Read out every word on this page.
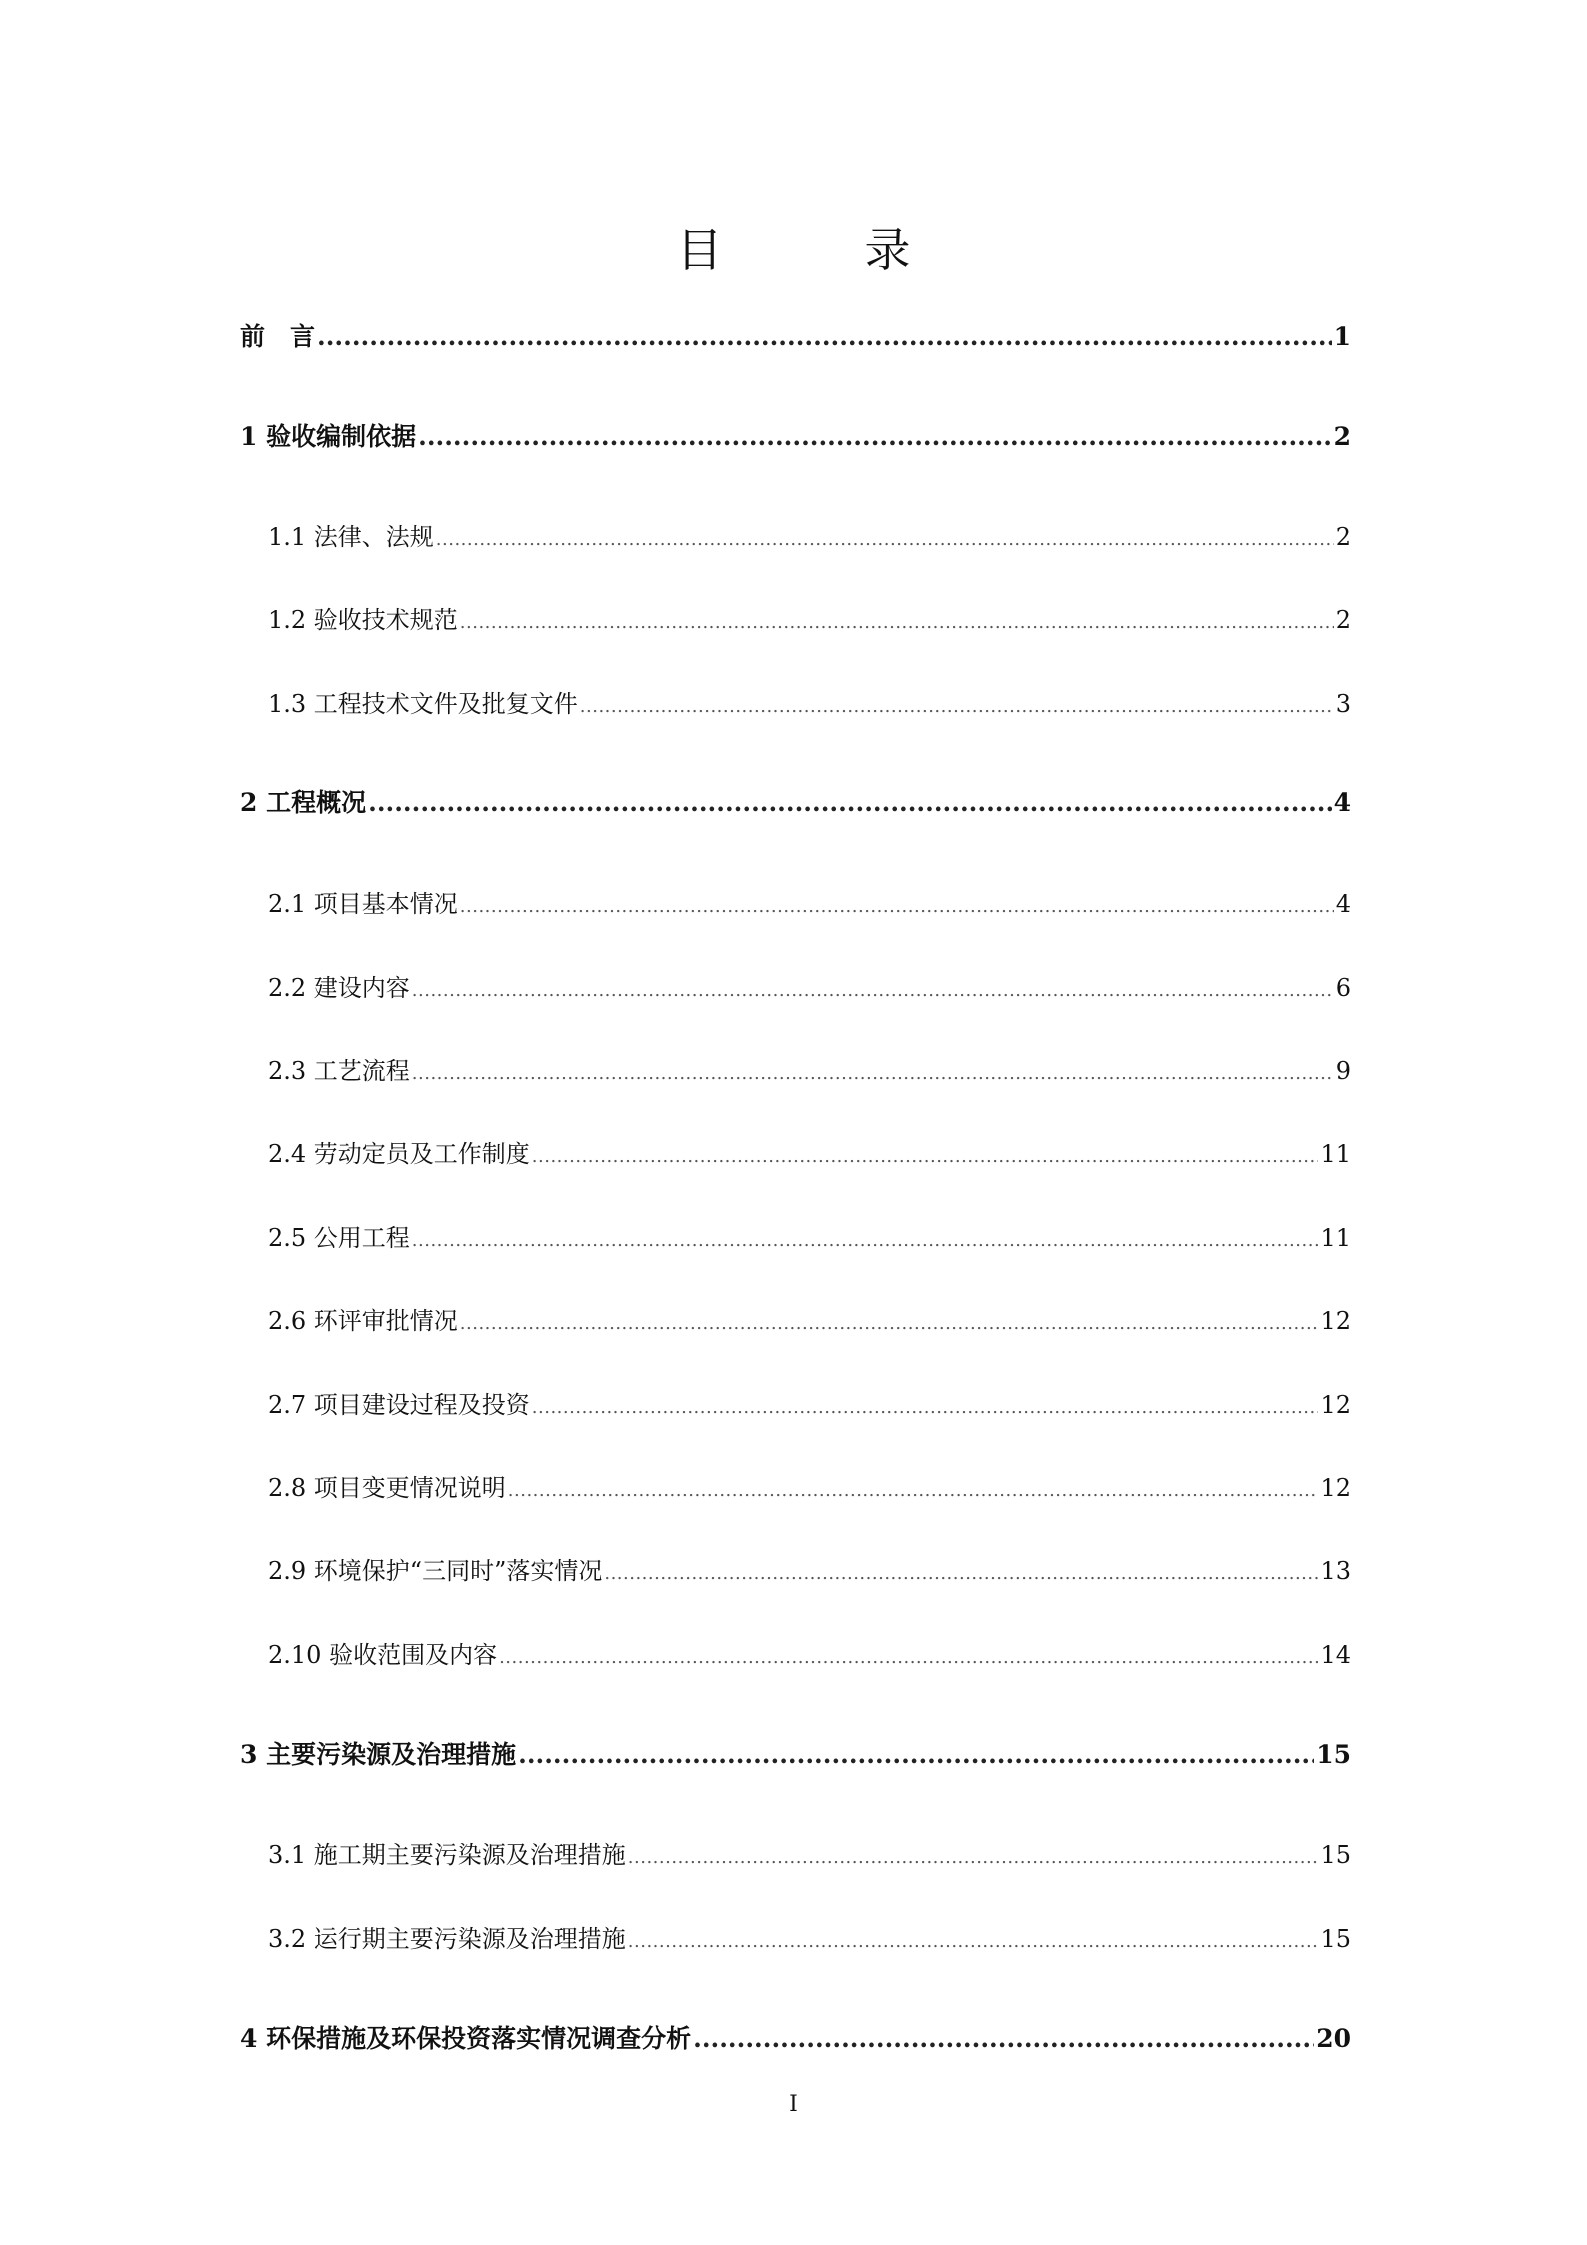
目　录
前　言 .....	1
1 验收编制依据 .....	2
1.1 法律、法规 .....	2
1.2 验收技术规范 .....	2
1.3 工程技术文件及批复文件 .....	3
2 工程概况 .....	4
2.1 项目基本情况 .....	4
2.2 建设内容 .....	6
2.3 工艺流程 .....	9
2.4 劳动定员及工作制度 .....	11
2.5 公用工程 .....	11
2.6 环评审批情况 .....	12
2.7 项目建设过程及投资 .....	12
2.8 项目变更情况说明 .....	12
2.9 环境保护“三同时”落实情况 .....	13
2.10 验收范围及内容 .....	14
3 主要污染源及治理措施 .....	15
3.1 施工期主要污染源及治理措施 .....	15
3.2 运行期主要污染源及治理措施 .....	15
4 环保措施及环保投资落实情况调查分析 .....	20
I
